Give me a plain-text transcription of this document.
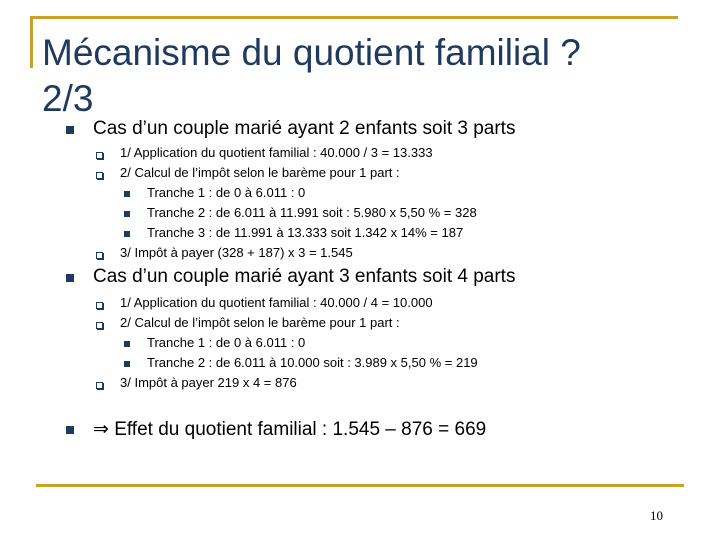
Mécanisme du quotient familial ?
2/3
Cas d’un couple marié ayant 2 enfants soit 3 parts
1/ Application du quotient familial : 40.000 / 3 = 13.333
2/ Calcul de l’impôt selon le barème pour 1 part :
Tranche 1 : de 0 à 6.011 : 0
Tranche 2 : de 6.011 à 11.991 soit : 5.980 x 5,50 % = 328
Tranche 3 : de 11.991 à 13.333 soit 1.342 x 14% = 187
3/ Impôt à payer (328 + 187) x 3 = 1.545
Cas d’un couple marié ayant 3 enfants soit 4 parts
1/ Application du quotient familial : 40.000 / 4 = 10.000
2/ Calcul de l’impôt selon le barème pour 1 part :
Tranche 1 : de 0 à 6.011 : 0
Tranche 2 : de 6.011 à 10.000 soit : 3.989 x 5,50 % = 219
3/ Impôt à payer 219 x 4 = 876
⇒ Effet du quotient familial : 1.545 – 876 = 669
10
